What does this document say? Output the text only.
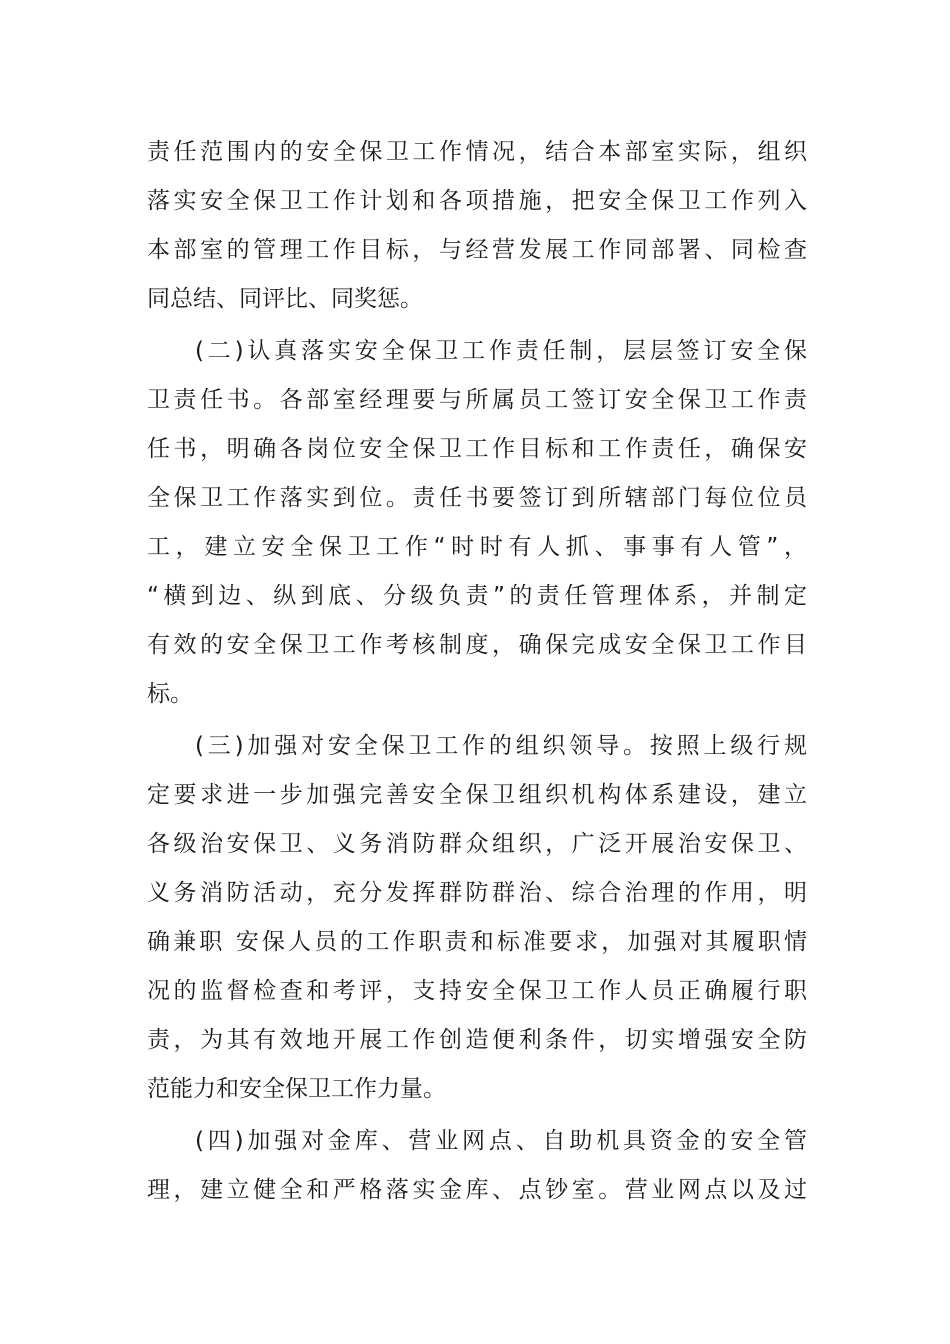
责任范围内的安全保卫工作情况，结合本部室实际，组织

落实安全保卫工作计划和各项措施，把安全保卫工作列入

本部室的管理工作目标，与经营发展工作同部署、同检查

同总结、同评比、同奖惩。

(二)认真落实安全保卫工作责任制，层层签订安全保

卫责任书。各部室经理要与所属员工签订安全保卫工作责

任书，明确各岗位安全保卫工作目标和工作责任，确保安

全保卫工作落实到位。责任书要签订到所辖部门每位位员

工，建立安全保卫工作“时时有人抓、事事有人管”，

“横到边、纵到底、分级负责”的责任管理体系，并制定

有效的安全保卫工作考核制度，确保完成安全保卫工作目

标。

(三)加强对安全保卫工作的组织领导。按照上级行规

定要求进一步加强完善安全保卫组织机构体系建设，建立

各级治安保卫、义务消防群众组织，广泛开展治安保卫、

义务消防活动，充分发挥群防群治、综合治理的作用，明

确兼职 安保人员的工作职责和标准要求，加强对其履职情

况的监督检查和考评，支持安全保卫工作人员正确履行职

责，为其有效地开展工作创造便利条件，切实增强安全防

范能力和安全保卫工作力量。

(四)加强对金库、营业网点、自助机具资金的安全管

理，建立健全和严格落实金库、点钞室。营业网点以及过
